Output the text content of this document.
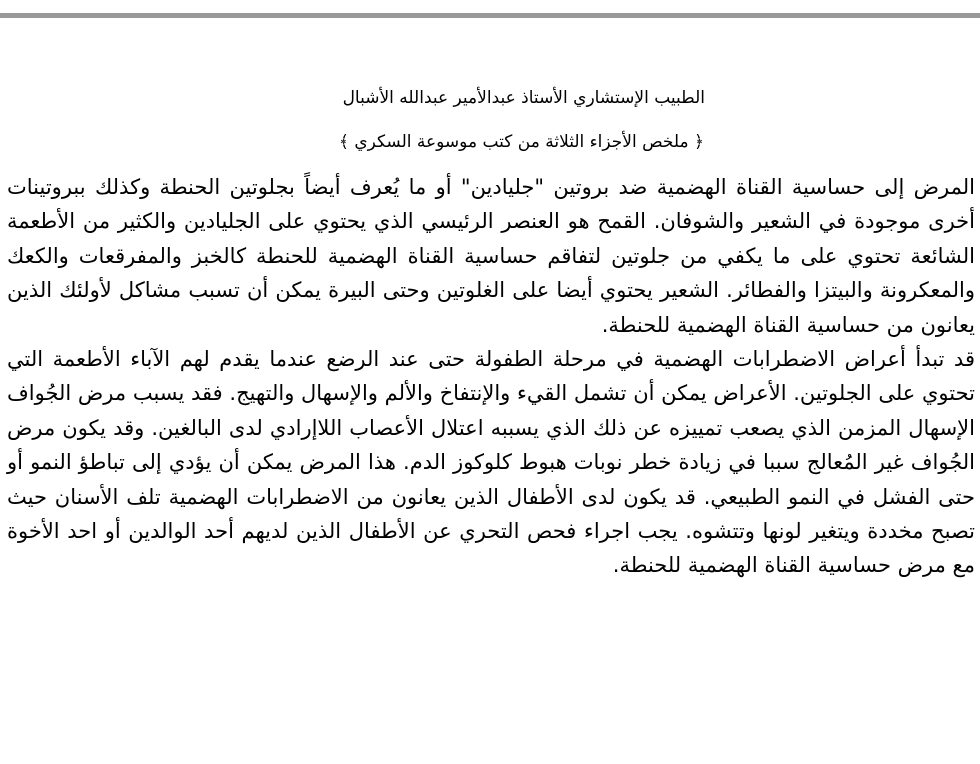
الطبيب الإستشاري الأستاذ عبدالأمير عبدالله الأشبال
﴿ ملخص الأجزاء الثلاثة من كتب موسوعة السكري ﴾

المرض إلى حساسية القناة الهضمية ضد بروتين "جليادين" أو ما يُعرف أيضاً بجلوتين الحنطة وكذلك ببروتينات أخرى موجودة في الشعير والشوفان. القمح هو العنصر الرئيسي الذي يحتوي على الجليادين والكثير من الأطعمة الشائعة تحتوي على ما يكفي من جلوتين لتفاقم حساسية القناة الهضمية للحنطة كالخبز والمفرقعات والكعك والمعكرونة والبيتزا والفطائر. الشعير يحتوي أيضا على الغلوتين وحتى البيرة يمكن أن تسبب مشاكل لأولئك الذين يعانون من حساسية القناة الهضمية للحنطة.

قد تبدأ أعراض الاضطرابات الهضمية في مرحلة الطفولة حتى عند الرضع عندما يقدم لهم الآباء الأطعمة التي تحتوي على الجلوتين. الأعراض يمكن أن تشمل القيء والإنتفاخ والألم والإسهال والتهيج. فقد يسبب مرض الجُواف الإسهال المزمن الذي يصعب تمييزه عن ذلك الذي يسببه اعتلال الأعصاب اللاإرادي لدى البالغين. وقد يكون مرض الجُواف غير المُعالج سببا في زيادة خطر نوبات هبوط كلوكوز الدم. هذا المرض يمكن أن يؤدي إلى تباطؤ النمو أو حتى الفشل في النمو الطبيعي. قد يكون لدى الأطفال الذين يعانون من الاضطرابات الهضمية تلف الأسنان حيث تصبح مخددة ويتغير لونها وتتشوه. يجب اجراء فحص التحري عن الأطفال الذين لديهم أحد الوالدين أو احد الأخوة مع مرض حساسية القناة الهضمية للحنطة.
